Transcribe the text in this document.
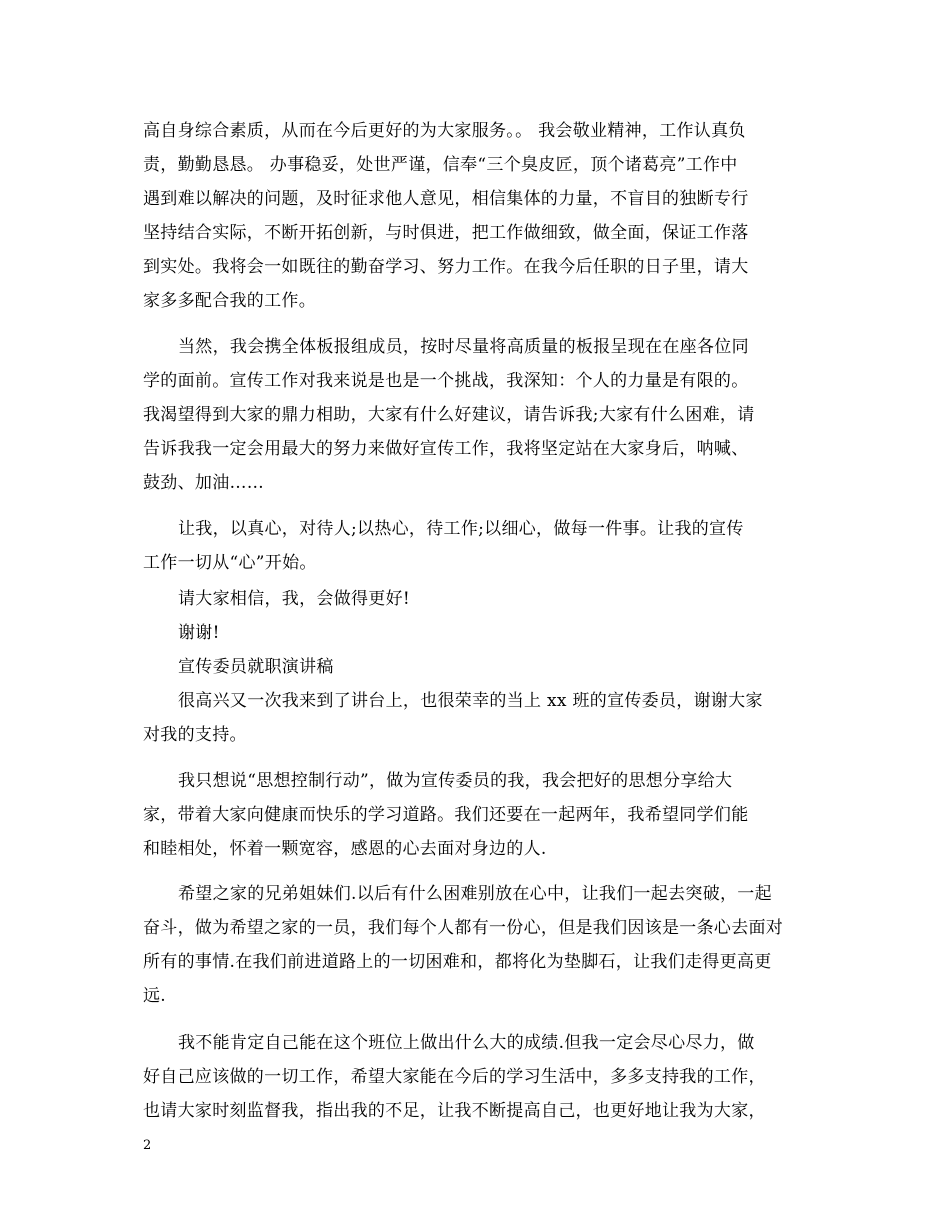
高自身综合素质，从而在今后更好的为大家服务。。 我会敬业精神，工作认真负
责，勤勤恳恳。 办事稳妥，处世严谨，信奉“三个臭皮匠，顶个诸葛亮”工作中
遇到难以解决的问题，及时征求他人意见，相信集体的力量，不盲目的独断专行
坚持结合实际，不断开拓创新，与时俱进，把工作做细致，做全面，保证工作落
到实处。我将会一如既往的勤奋学习、努力工作。在我今后任职的日子里，请大
家多多配合我的工作。
当然，我会携全体板报组成员，按时尽量将高质量的板报呈现在在座各位同
学的面前。宣传工作对我来说是也是一个挑战，我深知：个人的力量是有限的。
我渴望得到大家的鼎力相助，大家有什么好建议，请告诉我;大家有什么困难，请
告诉我我一定会用最大的努力来做好宣传工作，我将坚定站在大家身后，呐喊、
鼓劲、加油……
让我，以真心，对待人;以热心，待工作;以细心，做每一件事。让我的宣传
工作一切从“心”开始。
请大家相信，我，会做得更好!
谢谢!
宣传委员就职演讲稿
很高兴又一次我来到了讲台上，也很荣幸的当上 xx 班的宣传委员，谢谢大家
对我的支持。
我只想说“思想控制行动”，做为宣传委员的我，我会把好的思想分享给大
家，带着大家向健康而快乐的学习道路。我们还要在一起两年，我希望同学们能
和睦相处，怀着一颗宽容，感恩的心去面对身边的人.
希望之家的兄弟姐妹们.以后有什么困难别放在心中，让我们一起去突破，一起
奋斗，做为希望之家的一员，我们每个人都有一份心，但是我们因该是一条心去面对
所有的事情.在我们前进道路上的一切困难和，都将化为垫脚石，让我们走得更高更
远.
我不能肯定自己能在这个班位上做出什么大的成绩.但我一定会尽心尽力，做
好自己应该做的一切工作，希望大家能在今后的学习生活中，多多支持我的工作，
也请大家时刻监督我，指出我的不足，让我不断提高自己，也更好地让我为大家，
2
